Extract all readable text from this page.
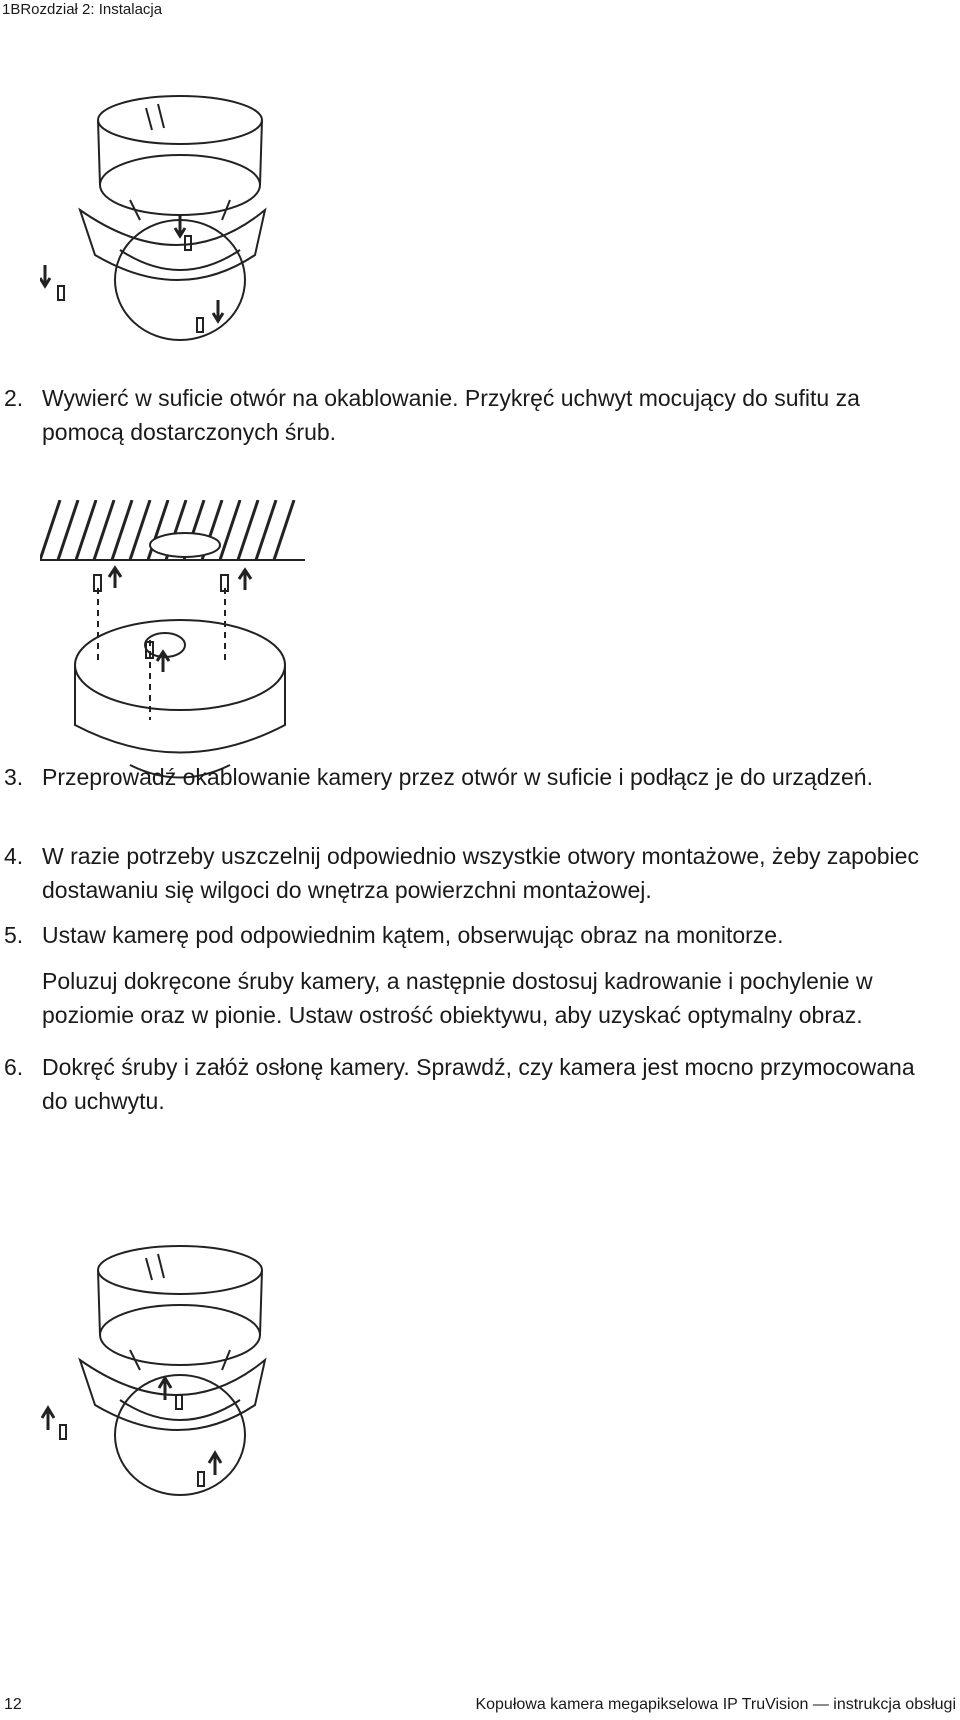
1BRozdział 2: Instalacja
2. Wywierć w suficie otwór na okablowanie. Przykręć uchwyt mocujący do sufitu za pomocą dostarczonych śrub.
3. Przeprowadź okablowanie kamery przez otwór w suficie i podłącz je do urządzeń.
4. W razie potrzeby uszczelnij odpowiednio wszystkie otwory montażowe, żeby zapobiec dostawaniu się wilgoci do wnętrza powierzchni montażowej.
5. Ustaw kamerę pod odpowiednim kątem, obserwując obraz na monitorze.
Poluzuj dokręcone śruby kamery, a następnie dostosuj kadrowanie i pochylenie w poziomie oraz w pionie. Ustaw ostrość obiektywu, aby uzyskać optymalny obraz.
6. Dokręć śruby i załóż osłonę kamery. Sprawdź, czy kamera jest mocno przymocowana do uchwytu.
12	Kopułowa kamera megapikselowa IP TruVision — instrukcja obsługi
